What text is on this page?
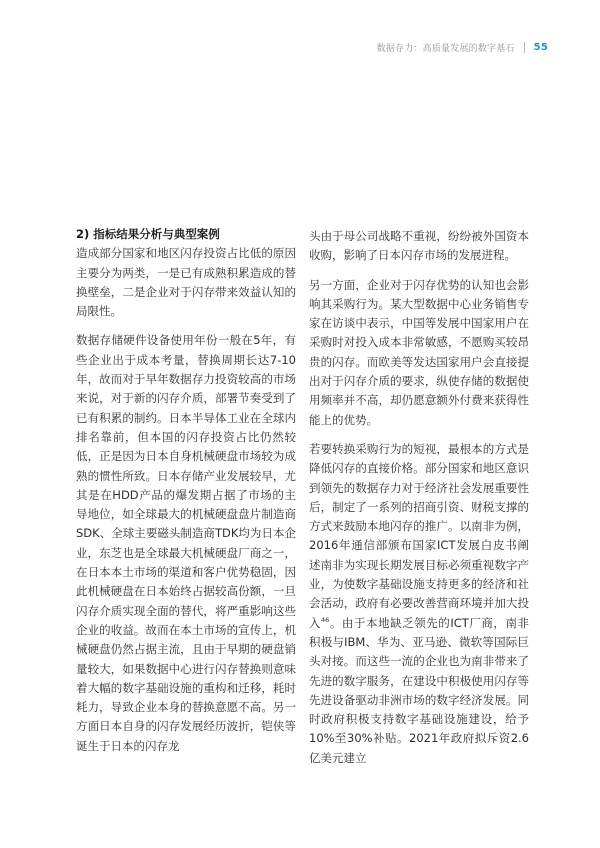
数据存力：高质量发展的数字基石 55

2) 指标结果分析与典型案例

造成部分国家和地区闪存投资占比低的原因主要分为两类，一是已有成熟积累造成的替换壁垒，二是企业对于闪存带来效益认知的局限性。

数据存储硬件设备使用年份一般在5年，有些企业出于成本考量，替换周期长达7-10年，故而对于早年数据存力投资较高的市场来说，对于新的闪存介质，部署节奏受到了已有积累的制约。日本半导体工业在全球内排名靠前，但本国的闪存投资占比仍然较低，正是因为日本自身机械硬盘市场较为成熟的惯性所致。日本存储产业发展较早，尤其是在HDD产品的爆发期占据了市场的主导地位，如全球最大的机械硬盘盘片制造商SDK、全球主要磁头制造商TDK均为日本企业，东芝也是全球最大机械硬盘厂商之一，在日本本土市场的渠道和客户优势稳固，因此机械硬盘在日本始终占据较高份额，一旦闪存介质实现全面的替代，将严重影响这些企业的收益。故而在本土市场的宣传上，机械硬盘仍然占据主流，且由于早期的硬盘销量较大，如果数据中心进行闪存替换则意味着大幅的数字基础设施的重构和迁移，耗时耗力，导致企业本身的替换意愿不高。另一方面日本自身的闪存发展经历波折，铠侠等诞生于日本的闪存龙

头由于母公司战略不重视，纷纷被外国资本收购，影响了日本闪存市场的发展进程。

另一方面，企业对于闪存优势的认知也会影响其采购行为。某大型数据中心业务销售专家在访谈中表示，中国等发展中国家用户在采购时对投入成本非常敏感，不愿购买较昂贵的闪存。而欧美等发达国家用户会直接提出对于闪存介质的要求，纵使存储的数据使用频率并不高，却仍愿意额外付费来获得性能上的优势。

若要转换采购行为的短视，最根本的方式是降低闪存的直接价格。部分国家和地区意识到领先的数据存力对于经济社会发展重要性后，制定了一系列的招商引资、财税支撑的方式来鼓励本地闪存的推广。以南非为例，2016年通信部颁布国家ICT发展白皮书阐述南非为实现长期发展目标必须重视数字产业，为使数字基础设施支持更多的经济和社会活动，政府有必要改善营商环境并加大投入$^{46}$。由于本地缺乏领先的ICT厂商，南非积极与IBM、华为、亚马逊、微软等国际巨头对接。而这些一流的企业也为南非带来了先进的数字服务，在建设中积极使用闪存等先进设备驱动非洲市场的数字经济发展。同时政府积极支持数字基础设施建设，给予10%至30%补贴。2021年政府拟斥资2.6亿美元建立
